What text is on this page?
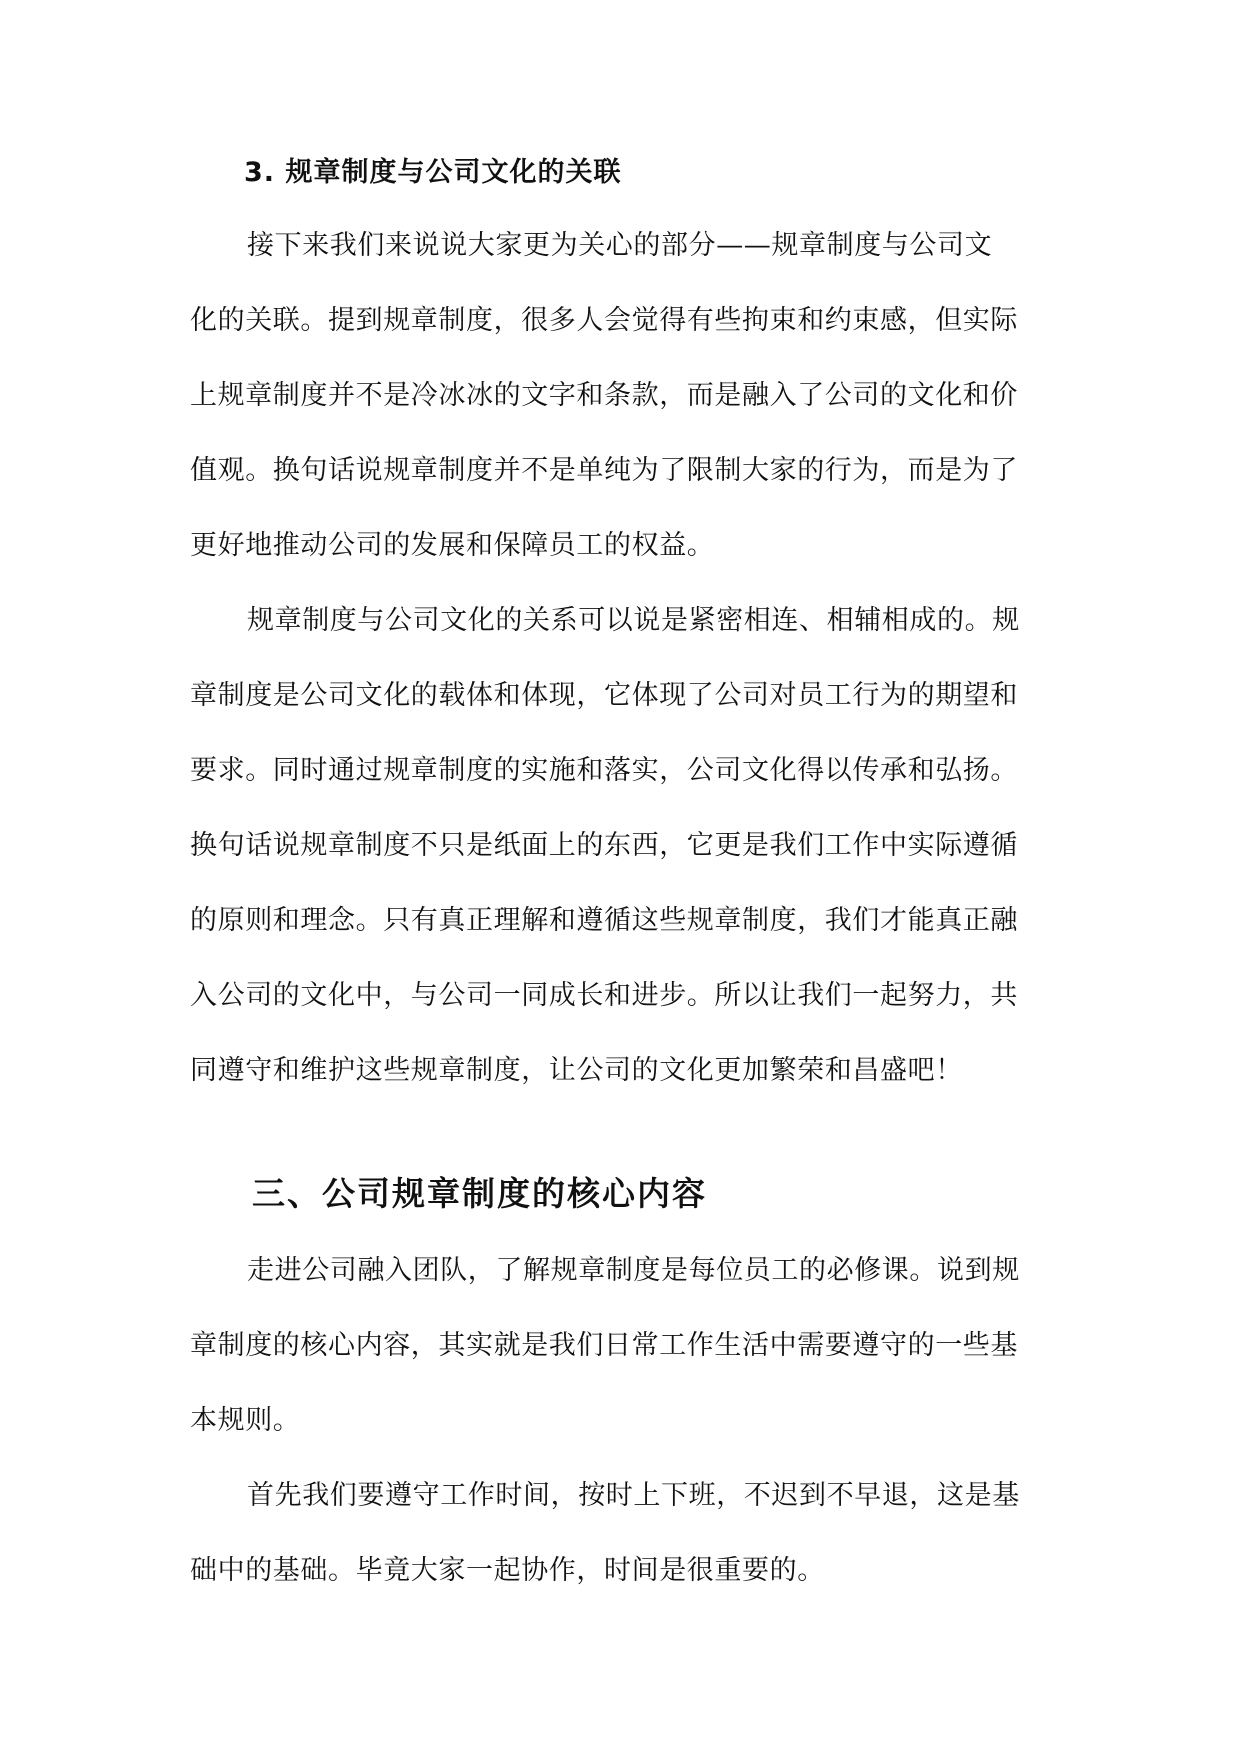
3. 规章制度与公司文化的关联
接下来我们来说说大家更为关心的部分——规章制度与公司文
化的关联。提到规章制度，很多人会觉得有些拘束和约束感，但实际
上规章制度并不是冷冰冰的文字和条款，而是融入了公司的文化和价
值观。换句话说规章制度并不是单纯为了限制大家的行为，而是为了
更好地推动公司的发展和保障员工的权益。
规章制度与公司文化的关系可以说是紧密相连、相辅相成的。规
章制度是公司文化的载体和体现，它体现了公司对员工行为的期望和
要求。同时通过规章制度的实施和落实，公司文化得以传承和弘扬。
换句话说规章制度不只是纸面上的东西，它更是我们工作中实际遵循
的原则和理念。只有真正理解和遵循这些规章制度，我们才能真正融
入公司的文化中，与公司一同成长和进步。所以让我们一起努力，共
同遵守和维护这些规章制度，让公司的文化更加繁荣和昌盛吧！
三、公司规章制度的核心内容
走进公司融入团队，了解规章制度是每位员工的必修课。说到规
章制度的核心内容，其实就是我们日常工作生活中需要遵守的一些基
本规则。
首先我们要遵守工作时间，按时上下班，不迟到不早退，这是基
础中的基础。毕竟大家一起协作，时间是很重要的。
